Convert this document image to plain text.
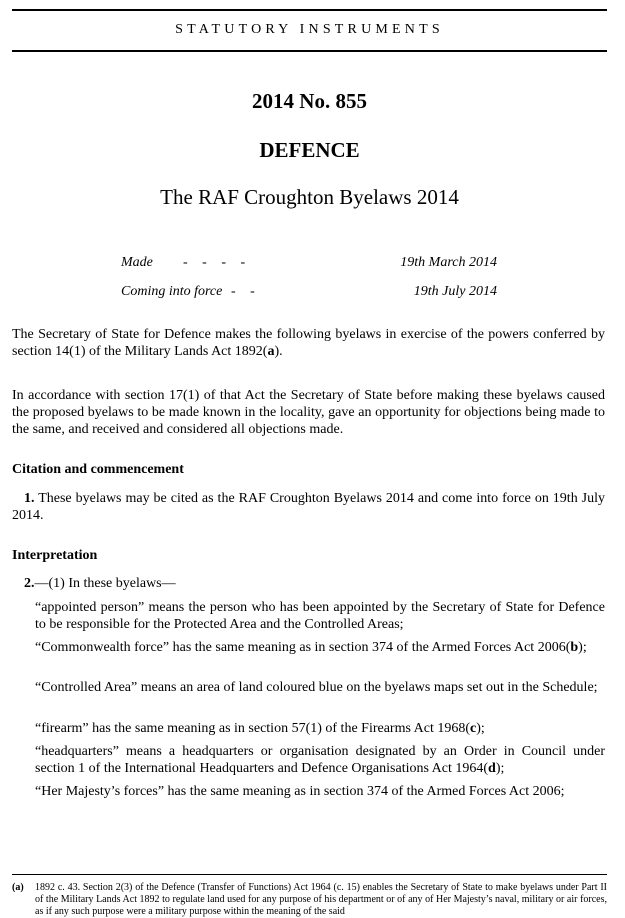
STATUTORY INSTRUMENTS
2014 No. 855
DEFENCE
The RAF Croughton Byelaws 2014
Made - - - -	19th March 2014
Coming into force - -	19th July 2014

The Secretary of State for Defence makes the following byelaws in exercise of the powers conferred by section 14(1) of the Military Lands Act 1892(a).

In accordance with section 17(1) of that Act the Secretary of State before making these byelaws caused the proposed byelaws to be made known in the locality, gave an opportunity for objections being made to the same, and received and considered all objections made.

Citation and commencement

1. These byelaws may be cited as the RAF Croughton Byelaws 2014 and come into force on 19th July 2014.

Interpretation

2.—(1) In these byelaws—

“appointed person” means the person who has been appointed by the Secretary of State for Defence to be responsible for the Protected Area and the Controlled Areas;

“Commonwealth force” has the same meaning as in section 374 of the Armed Forces Act 2006(b);

“Controlled Area” means an area of land coloured blue on the byelaws maps set out in the Schedule;

“firearm” has the same meaning as in section 57(1) of the Firearms Act 1968(c);

“headquarters” means a headquarters or organisation designated by an Order in Council under section 1 of the International Headquarters and Defence Organisations Act 1964(d);

“Her Majesty’s forces” has the same meaning as in section 374 of the Armed Forces Act 2006;

(a) 1892 c. 43. Section 2(3) of the Defence (Transfer of Functions) Act 1964 (c. 15) enables the Secretary of State to make byelaws under Part II of the Military Lands Act 1892 to regulate land used for any purpose of his department or of any of Her Majesty’s naval, military or air forces, as if any such purpose were a military purpose within the meaning of the said
